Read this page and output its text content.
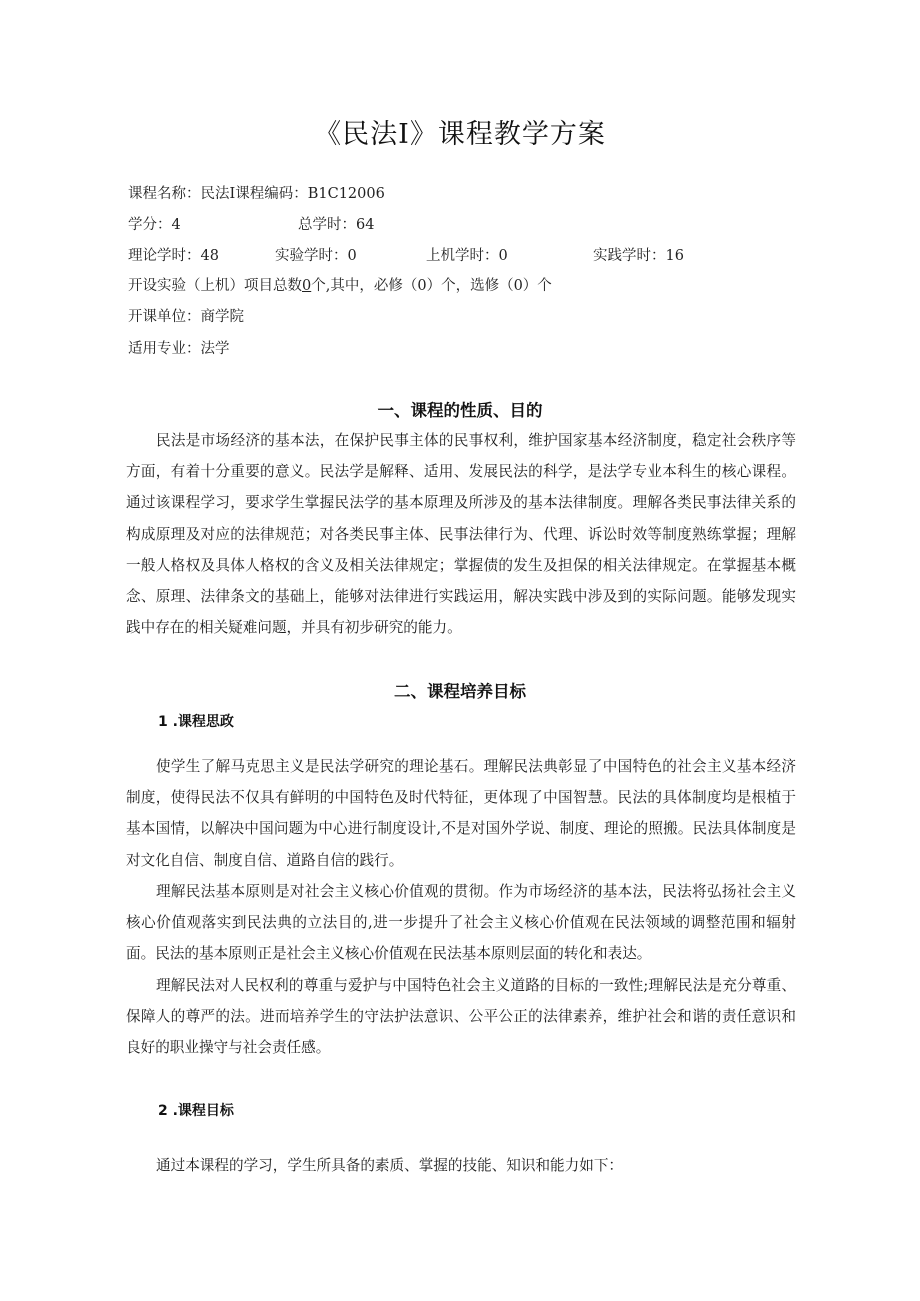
《民法Ⅰ》课程教学方案
课程名称：民法Ⅰ课程编码：B1C12006
学分：4	总学时：64
理论学时：48	实验学时：0	上机学时：0	实践学时：16
开设实验（上机）项目总数0个,其中，必修（0）个，选修（0）个
开课单位：商学院
适用专业：法学
一、课程的性质、目的
民法是市场经济的基本法，在保护民事主体的民事权利，维护国家基本经济制度，稳定社会秩序等方面，有着十分重要的意义。民法学是解释、适用、发展民法的科学，是法学专业本科生的核心课程。通过该课程学习，要求学生掌握民法学的基本原理及所涉及的基本法律制度。理解各类民事法律关系的构成原理及对应的法律规范；对各类民事主体、民事法律行为、代理、诉讼时效等制度熟练掌握；理解一般人格权及具体人格权的含义及相关法律规定；掌握债的发生及担保的相关法律规定。在掌握基本概念、原理、法律条文的基础上，能够对法律进行实践运用，解决实践中涉及到的实际问题。能够发现实践中存在的相关疑难问题，并具有初步研究的能力。
二、课程培养目标
1 .课程思政
使学生了解马克思主义是民法学研究的理论基石。理解民法典彰显了中国特色的社会主义基本经济制度，使得民法不仅具有鲜明的中国特色及时代特征，更体现了中国智慧。民法的具体制度均是根植于基本国情，以解决中国问题为中心进行制度设计,不是对国外学说、制度、理论的照搬。民法具体制度是对文化自信、制度自信、道路自信的践行。
理解民法基本原则是对社会主义核心价值观的贯彻。作为市场经济的基本法，民法将弘扬社会主义核心价值观落实到民法典的立法目的,进一步提升了社会主义核心价值观在民法领域的调整范围和辐射面。民法的基本原则正是社会主义核心价值观在民法基本原则层面的转化和表达。
理解民法对人民权利的尊重与爱护与中国特色社会主义道路的目标的一致性;理解民法是充分尊重、保障人的尊严的法。进而培养学生的守法护法意识、公平公正的法律素养，维护社会和谐的责任意识和良好的职业操守与社会责任感。
2 .课程目标
通过本课程的学习，学生所具备的素质、掌握的技能、知识和能力如下：
